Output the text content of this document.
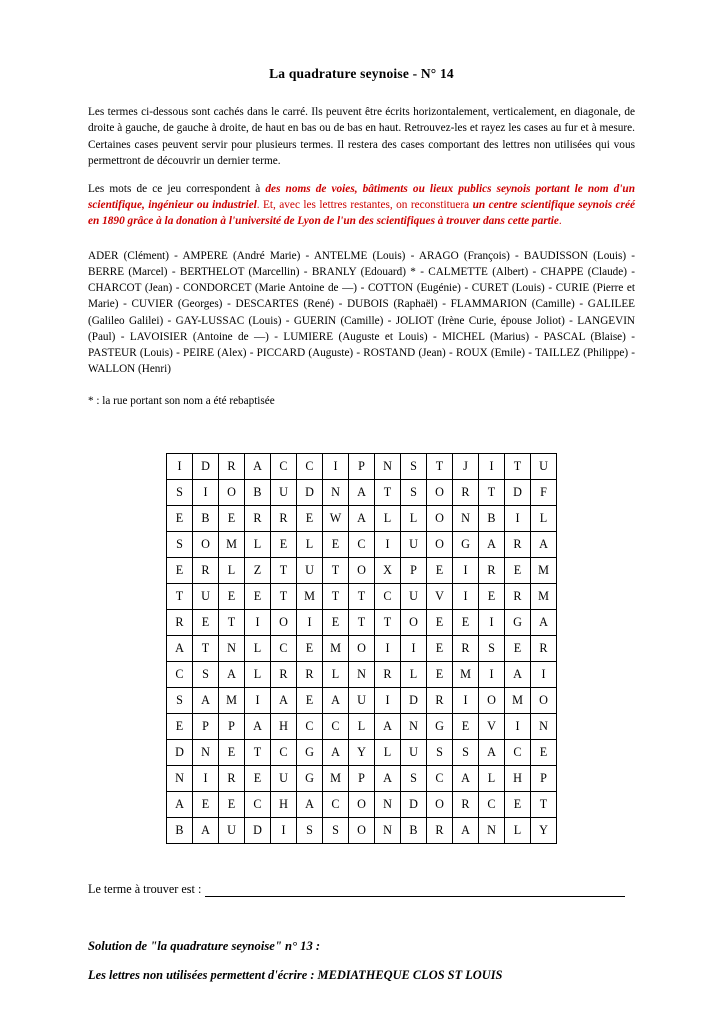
La quadrature seynoise - N° 14

Les termes ci-dessous sont cachés dans le carré. Ils peuvent être écrits horizontalement, verticalement, en diagonale, de droite à gauche, de gauche à droite, de haut en bas ou de bas en haut. Retrouvez-les et rayez les cases au fur et à mesure. Certaines cases peuvent servir pour plusieurs termes. Il restera des cases comportant des lettres non utilisées qui vous permettront de découvrir un dernier terme.

Les mots de ce jeu correspondent à des noms de voies, bâtiments ou lieux publics seynois portant le nom d'un scientifique, ingénieur ou industriel. Et, avec les lettres restantes, on reconstituera un centre scientifique seynois créé en 1890 grâce à la donation à l'université de Lyon de l'un des scientifiques à trouver dans cette partie.

ADER (Clément) - AMPERE (André Marie) - ANTELME (Louis) - ARAGO (François) - BAUDISSON (Louis) - BERRE (Marcel) - BERTHELOT (Marcellin) - BRANLY (Edouard) * - CALMETTE (Albert) - CHAPPE (Claude) - CHARCOT (Jean) - CONDORCET (Marie Antoine de —) - COTTON (Eugénie) - CURET (Louis) - CURIE (Pierre et Marie) - CUVIER (Georges) - DESCARTES (René) - DUBOIS (Raphaël) - FLAMMARION (Camille) - GALILEE (Galileo Galilei) - GAY-LUSSAC (Louis) - GUERIN (Camille) - JOLIOT (Irène Curie, épouse Joliot) - LANGEVIN (Paul) - LAVOISIER (Antoine de —) - LUMIERE (Auguste et Louis) - MICHEL (Marius) - PASCAL (Blaise) - PASTEUR (Louis) - PEIRE (Alex) - PICCARD (Auguste) - ROSTAND (Jean) - ROUX (Emile) - TAILLEZ (Philippe) - WALLON (Henri)

* : la rue portant son nom a été rebaptisée

I	D	R	A	C	C	I	P	N	S	T	J	I	T	U
S	I	O	B	U	D	N	A	T	S	O	R	T	D	F
E	B	E	R	R	E	W	A	L	L	O	N	B	I	L
S	O	M	L	E	L	E	C	I	U	O	G	A	R	A
E	R	L	Z	T	U	T	O	X	P	E	I	R	E	M
T	U	E	E	T	M	T	T	C	U	V	I	E	R	M
R	E	T	I	O	I	E	T	T	O	E	E	I	G	A
A	T	N	L	C	E	M	O	I	I	E	R	S	E	R
C	S	A	L	R	R	L	N	R	L	E	M	I	A	I
S	A	M	I	A	E	A	U	I	D	R	I	O	M	O
E	P	P	A	H	C	C	L	A	N	G	E	V	I	N
D	N	E	T	C	G	A	Y	L	U	S	S	A	C	E
N	I	R	E	U	G	M	P	A	S	C	A	L	H	P
A	E	E	C	H	A	C	O	N	D	O	R	C	E	T
B	A	U	D	I	S	S	O	N	B	R	A	N	L	Y
Le terme à trouver est :
Solution de "la quadrature seynoise" n° 13 :
Les lettres non utilisées permettent d'écrire : MEDIATHEQUE CLOS ST LOUIS
